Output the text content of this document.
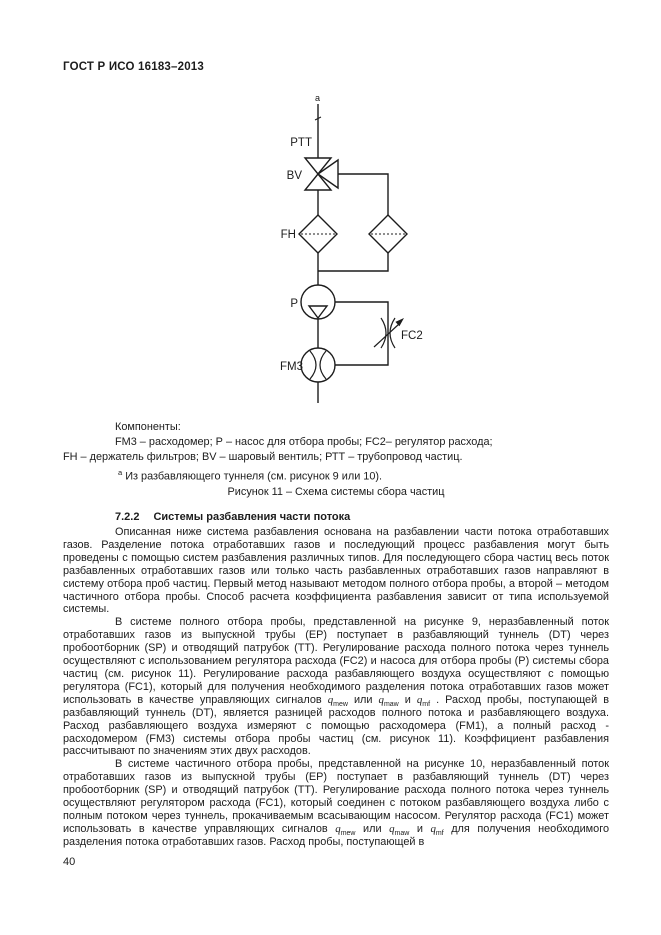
ГОСТ Р ИСО 16183–2013
a
PTT
BV
FH
P
FC2
FM3
Компоненты:
FM3 – расходомер; Р – насос для отбора пробы; FC2– регулятор расхода;
FH – держатель фильтров; BV – шаровый вентиль; РТТ – трубопровод частиц.
$^а$ Из разбавляющего туннеля (см. рисунок 9 или 10).
Рисунок 11 – Схема системы сбора частиц
7.2.2 Системы разбавления части потока

Описанная ниже система разбавления основана на разбавлении части потока отработавших газов. Разделение потока отработавших газов и последующий процесс разбавления могут быть проведены с помощью систем разбавления различных типов. Для последующего сбора частиц весь поток разбавленных отработавших газов или только часть разбавленных отработавших газов направляют в систему отбора проб частиц. Первый метод называют методом полного отбора пробы, а второй – методом частичного отбора пробы. Способ расчета коэффициента разбавления зависит от типа используемой системы.

В системе полного отбора пробы, представленной на рисунке 9, неразбавленный поток отработавших газов из выпускной трубы (ЕР) поступает в разбавляющий туннель (DT) через пробоотборник (SP) и отводящий патрубок (ТТ). Регулирование расхода полного потока через туннель осуществляют с использованием регулятора расхода (FC2) и насоса для отбора пробы (Р) системы сбора частиц (см. рисунок 11). Регулирование расхода разбавляющего воздуха осуществляют с помощью регулятора (FC1), который для получения необходимого разделения потока отработавших газов может использовать в качестве управляющих сигналов $q_{mew}$ или $q_{maw}$ и $q_{mf}$ . Расход пробы, поступающей в разбавляющий туннель (DT), является разницей расходов полного потока и разбавляющего воздуха. Расход разбавляющего воздуха измеряют с помощью расходомера (FM1), а полный расход - расходомером (FM3) системы отбора пробы частиц (см. рисунок 11). Коэффициент разбавления рассчитывают по значениям этих двух расходов.

В системе частичного отбора пробы, представленной на рисунке 10, неразбавленный поток отработавших газов из выпускной трубы (ЕР) поступает в разбавляющий туннель (DT) через пробоотборник (SP) и отводящий патрубок (ТТ). Регулирование расхода полного потока через туннель осуществляют регулятором расхода (FC1), который соединен с потоком разбавляющего воздуха либо с полным потоком через туннель, прокачиваемым всасывающим насосом. Регулятор расхода (FC1) может использовать в качестве управляющих сигналов $q_{mew}$ или $q_{maw}$ и $q_{mf}$ для получения необходимого разделения потока отработавших газов. Расход пробы, поступающей в

40
